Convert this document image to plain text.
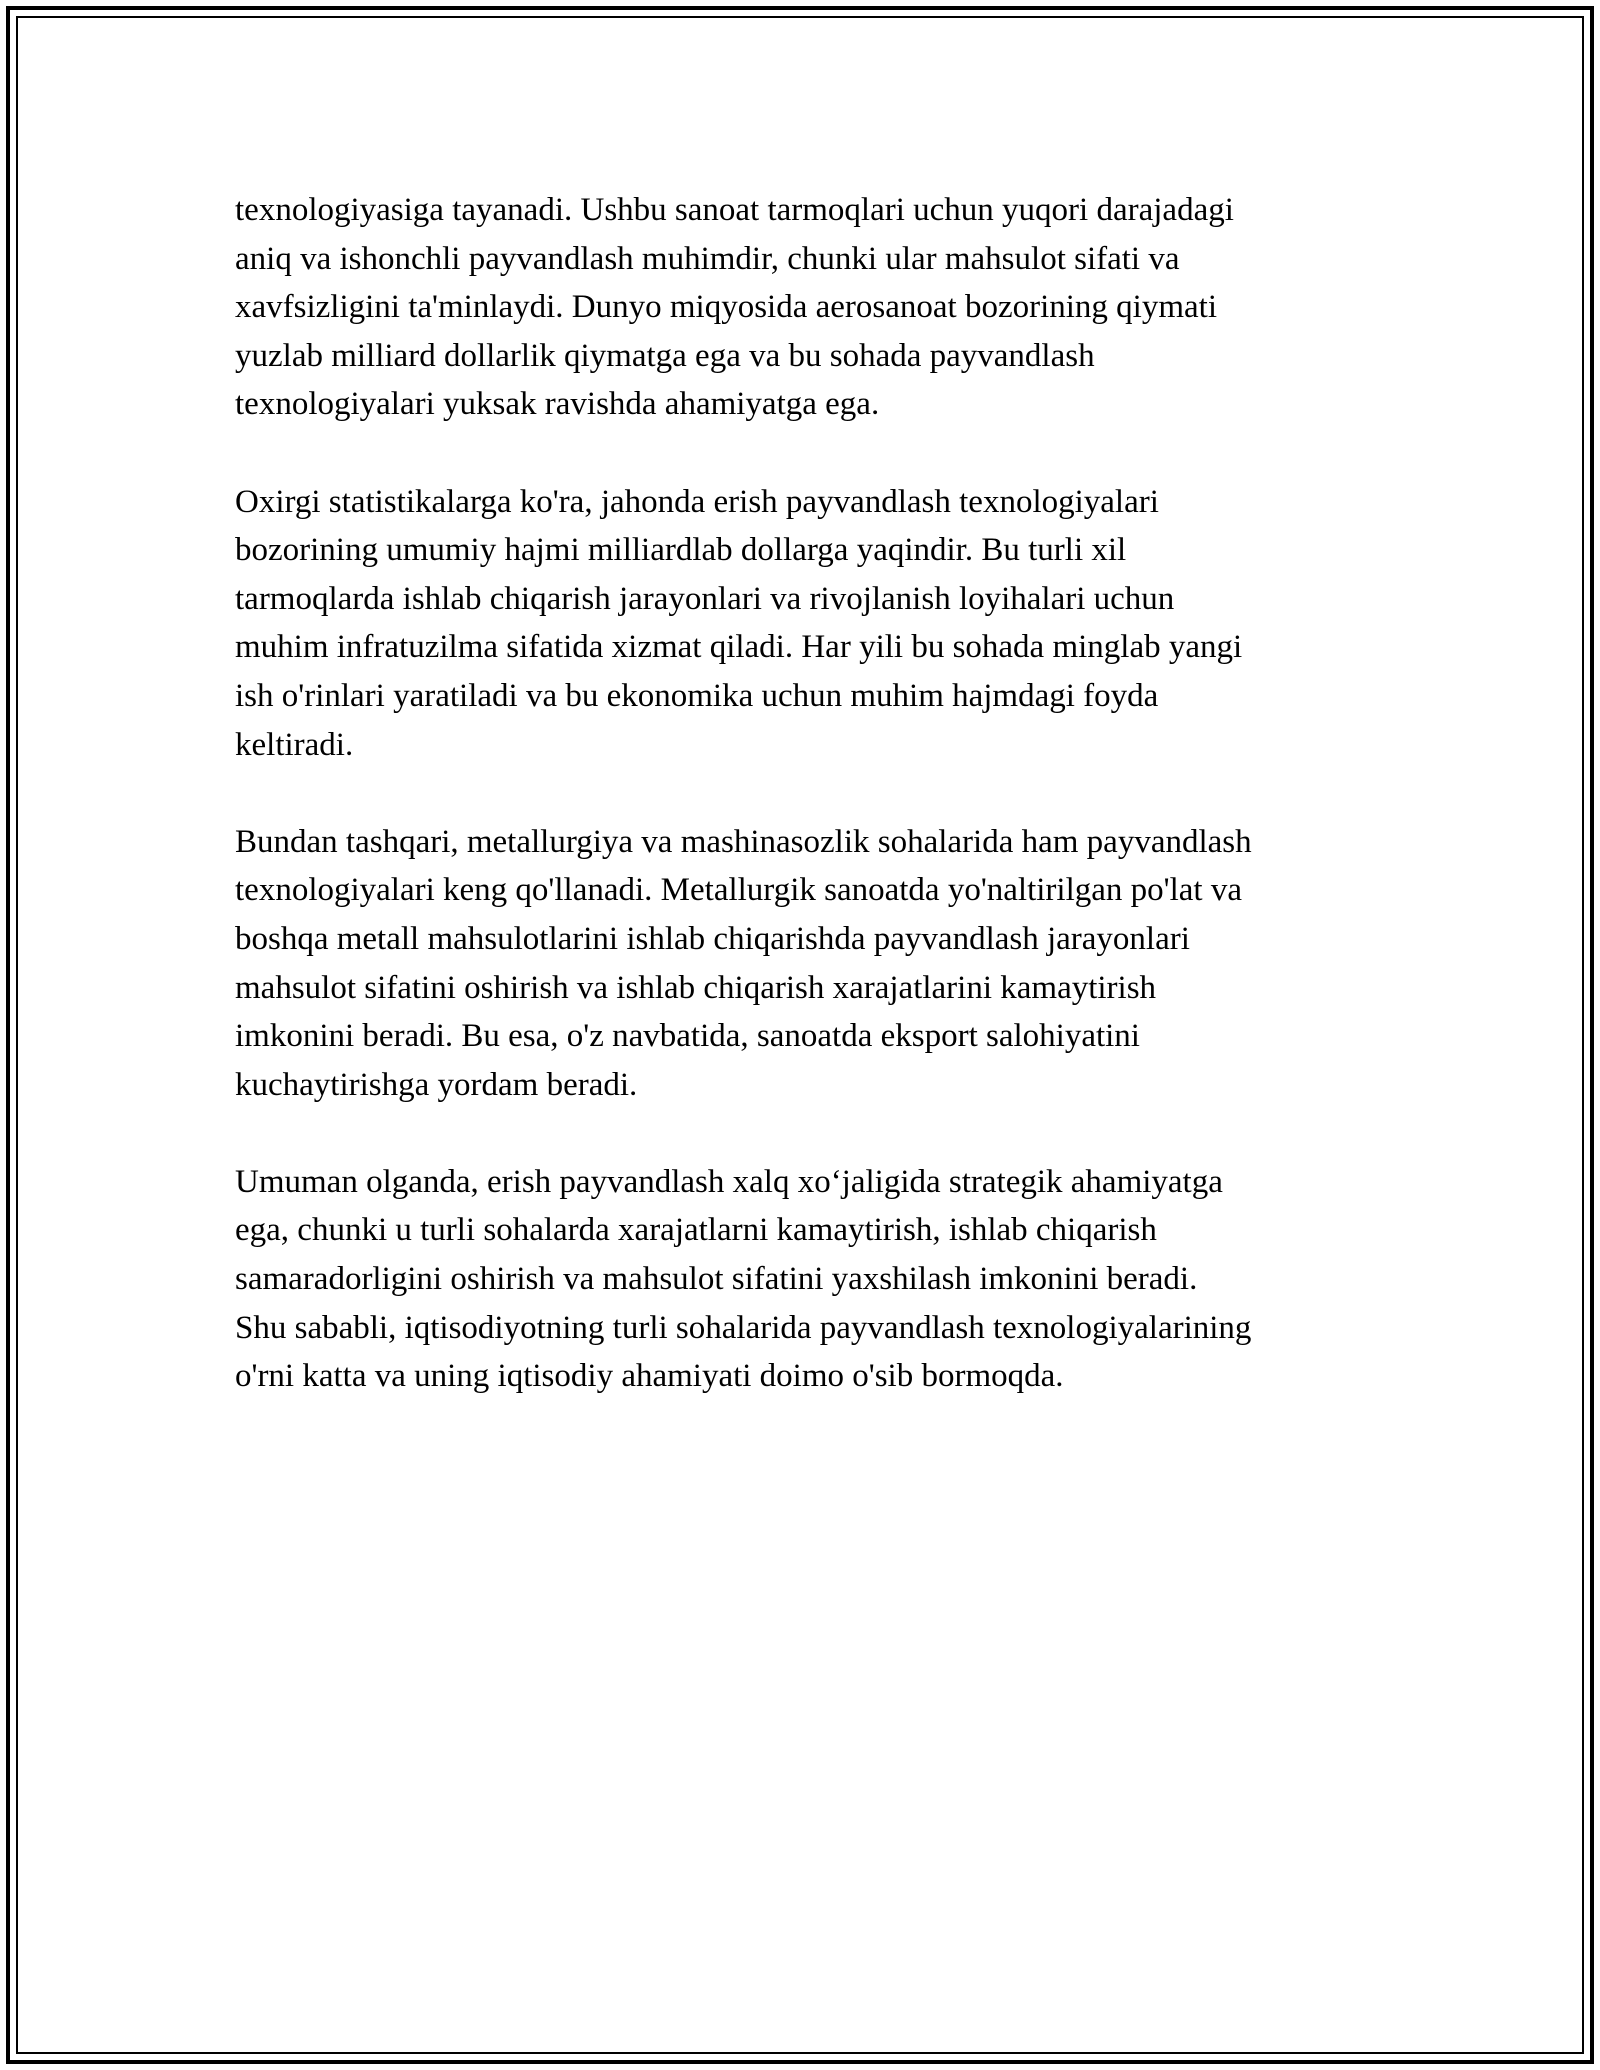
texnologiyasiga tayanadi. Ushbu sanoat tarmoqlari uchun yuqori darajadagi
aniq va ishonchli payvandlash muhimdir, chunki ular mahsulot sifati va
xavfsizligini ta'minlaydi. Dunyo miqyosida aerosanoat bozorining qiymati
yuzlab milliard dollarlik qiymatga ega va bu sohada payvandlash
texnologiyalari yuksak ravishda ahamiyatga ega.

Oxirgi statistikalarga ko'ra, jahonda erish payvandlash texnologiyalari
bozorining umumiy hajmi milliardlab dollarga yaqindir. Bu turli xil
tarmoqlarda ishlab chiqarish jarayonlari va rivojlanish loyihalari uchun
muhim infratuzilma sifatida xizmat qiladi. Har yili bu sohada minglab yangi
ish o'rinlari yaratiladi va bu ekonomika uchun muhim hajmdagi foyda
keltiradi.

Bundan tashqari, metallurgiya va mashinasozlik sohalarida ham payvandlash
texnologiyalari keng qo'llanadi. Metallurgik sanoatda yo'naltirilgan po'lat va
boshqa metall mahsulotlarini ishlab chiqarishda payvandlash jarayonlari
mahsulot sifatini oshirish va ishlab chiqarish xarajatlarini kamaytirish
imkonini beradi. Bu esa, o'z navbatida, sanoatda eksport salohiyatini
kuchaytirishga yordam beradi.

Umuman olganda, erish payvandlash xalq xo‘jaligida strategik ahamiyatga
ega, chunki u turli sohalarda xarajatlarni kamaytirish, ishlab chiqarish
samaradorligini oshirish va mahsulot sifatini yaxshilash imkonini beradi.
Shu sababli, iqtisodiyotning turli sohalarida payvandlash texnologiyalarining
o'rni katta va uning iqtisodiy ahamiyati doimo o'sib bormoqda.
